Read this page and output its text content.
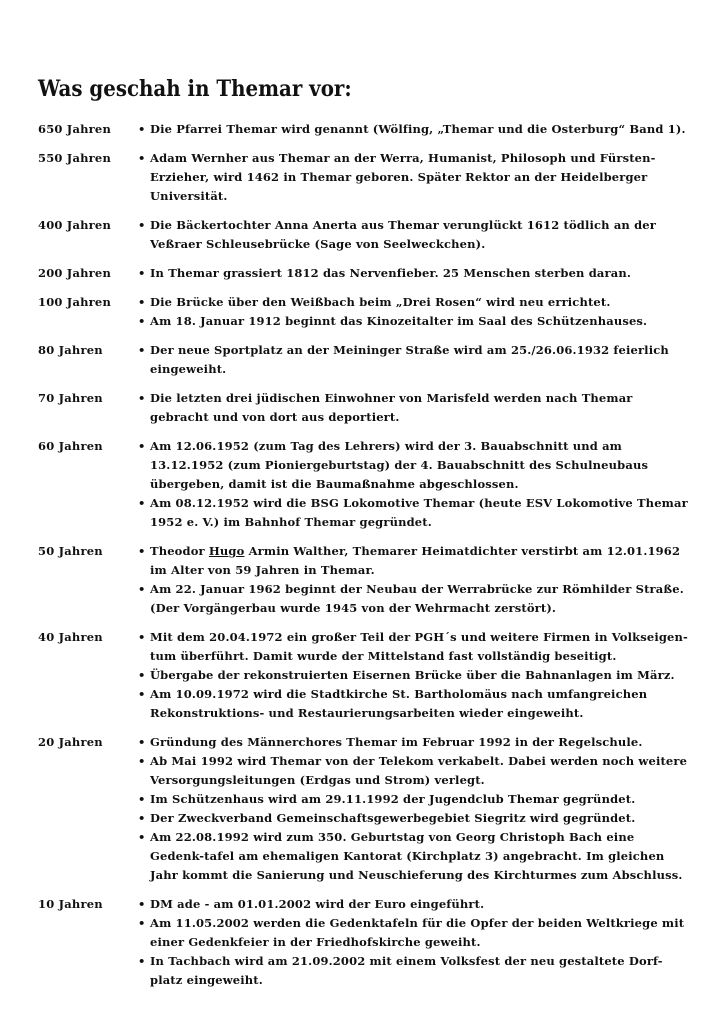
Was geschah in Themar vor:
650 Jahren	• Die Pfarrei Themar wird genannt (Wölfing, „Themar und die Osterburg“ Band 1).
550 Jahren	• Adam Wernher aus Themar an der Werra, Humanist, Philosoph und Fürsten-Erzieher, wird 1462 in Themar geboren. Später Rektor an der Heidelberger Universität.
400 Jahren	• Die Bäckertochter Anna Anerta aus Themar verunglückt 1612 tödlich an der Veßraer Schleusebrücke (Sage von Seelweckchen).
200 Jahren	• In Themar grassiert 1812 das Nervenfieber. 25 Menschen sterben daran.
100 Jahren	• Die Brücke über den Weißbach beim „Drei Rosen“ wird neu errichtet.
• Am 18. Januar 1912 beginnt das Kinozeitalter im Saal des Schützenhauses.
80 Jahren	• Der neue Sportplatz an der Meininger Straße wird am 25./26.06.1932 feierlich eingeweiht.
70 Jahren	• Die letzten drei jüdischen Einwohner von Marisfeld werden nach Themar gebracht und von dort aus deportiert.
60 Jahren	• Am 12.06.1952 (zum Tag des Lehrers) wird der 3. Bauabschnitt und am 13.12.1952 (zum Pioniergeburtstag) der 4. Bauabschnitt des Schulneubaus übergeben, damit ist die Baumaßnahme abgeschlossen.
• Am 08.12.1952 wird die BSG Lokomotive Themar (heute ESV Lokomotive Themar 1952 e. V.) im Bahnhof Themar gegründet.
50 Jahren	• Theodor Hugo Armin Walther, Themarer Heimatdichter verstirbt am 12.01.1962 im Alter von 59 Jahren in Themar.
• Am 22. Januar 1962 beginnt der Neubau der Werrabrücke zur Römhilder Straße. (Der Vorgängerbau wurde 1945 von der Wehrmacht zerstört).
40 Jahren	• Mit dem 20.04.1972 ein großer Teil der PGH´s und weitere Firmen in Volkseigen-tum überführt. Damit wurde der Mittelstand fast vollständig beseitigt.
• Übergabe der rekonstruierten Eisernen Brücke über die Bahnanlagen im März.
• Am 10.09.1972 wird die Stadtkirche St. Bartholomäus nach umfangreichen Rekonstruktions- und Restaurierungsarbeiten wieder eingeweiht.
20 Jahren	• Gründung des Männerchores Themar im Februar 1992 in der Regelschule.
• Ab Mai 1992 wird Themar von der Telekom verkabelt. Dabei werden noch weitere Versorgungsleitungen (Erdgas und Strom) verlegt.
• Im Schützenhaus wird am 29.11.1992 der Jugendclub Themar gegründet.
• Der Zweckverband Gemeinschaftsgewerbegebiet Siegritz wird gegründet.
• Am 22.08.1992 wird zum 350. Geburtstag von Georg Christoph Bach eine Gedenk-tafel am ehemaligen Kantorat (Kirchplatz 3) angebracht. Im gleichen Jahr kommt die Sanierung und Neuschieferung des Kirchturmes zum Abschluss.
10 Jahren	• DM ade - am 01.01.2002 wird der Euro eingeführt.
• Am 11.05.2002 werden die Gedenktafeln für die Opfer der beiden Weltkriege mit einer Gedenkfeier in der Friedhofskirche geweiht.
• In Tachbach wird am 21.09.2002 mit einem Volksfest der neu gestaltete Dorf-platz eingeweiht.
